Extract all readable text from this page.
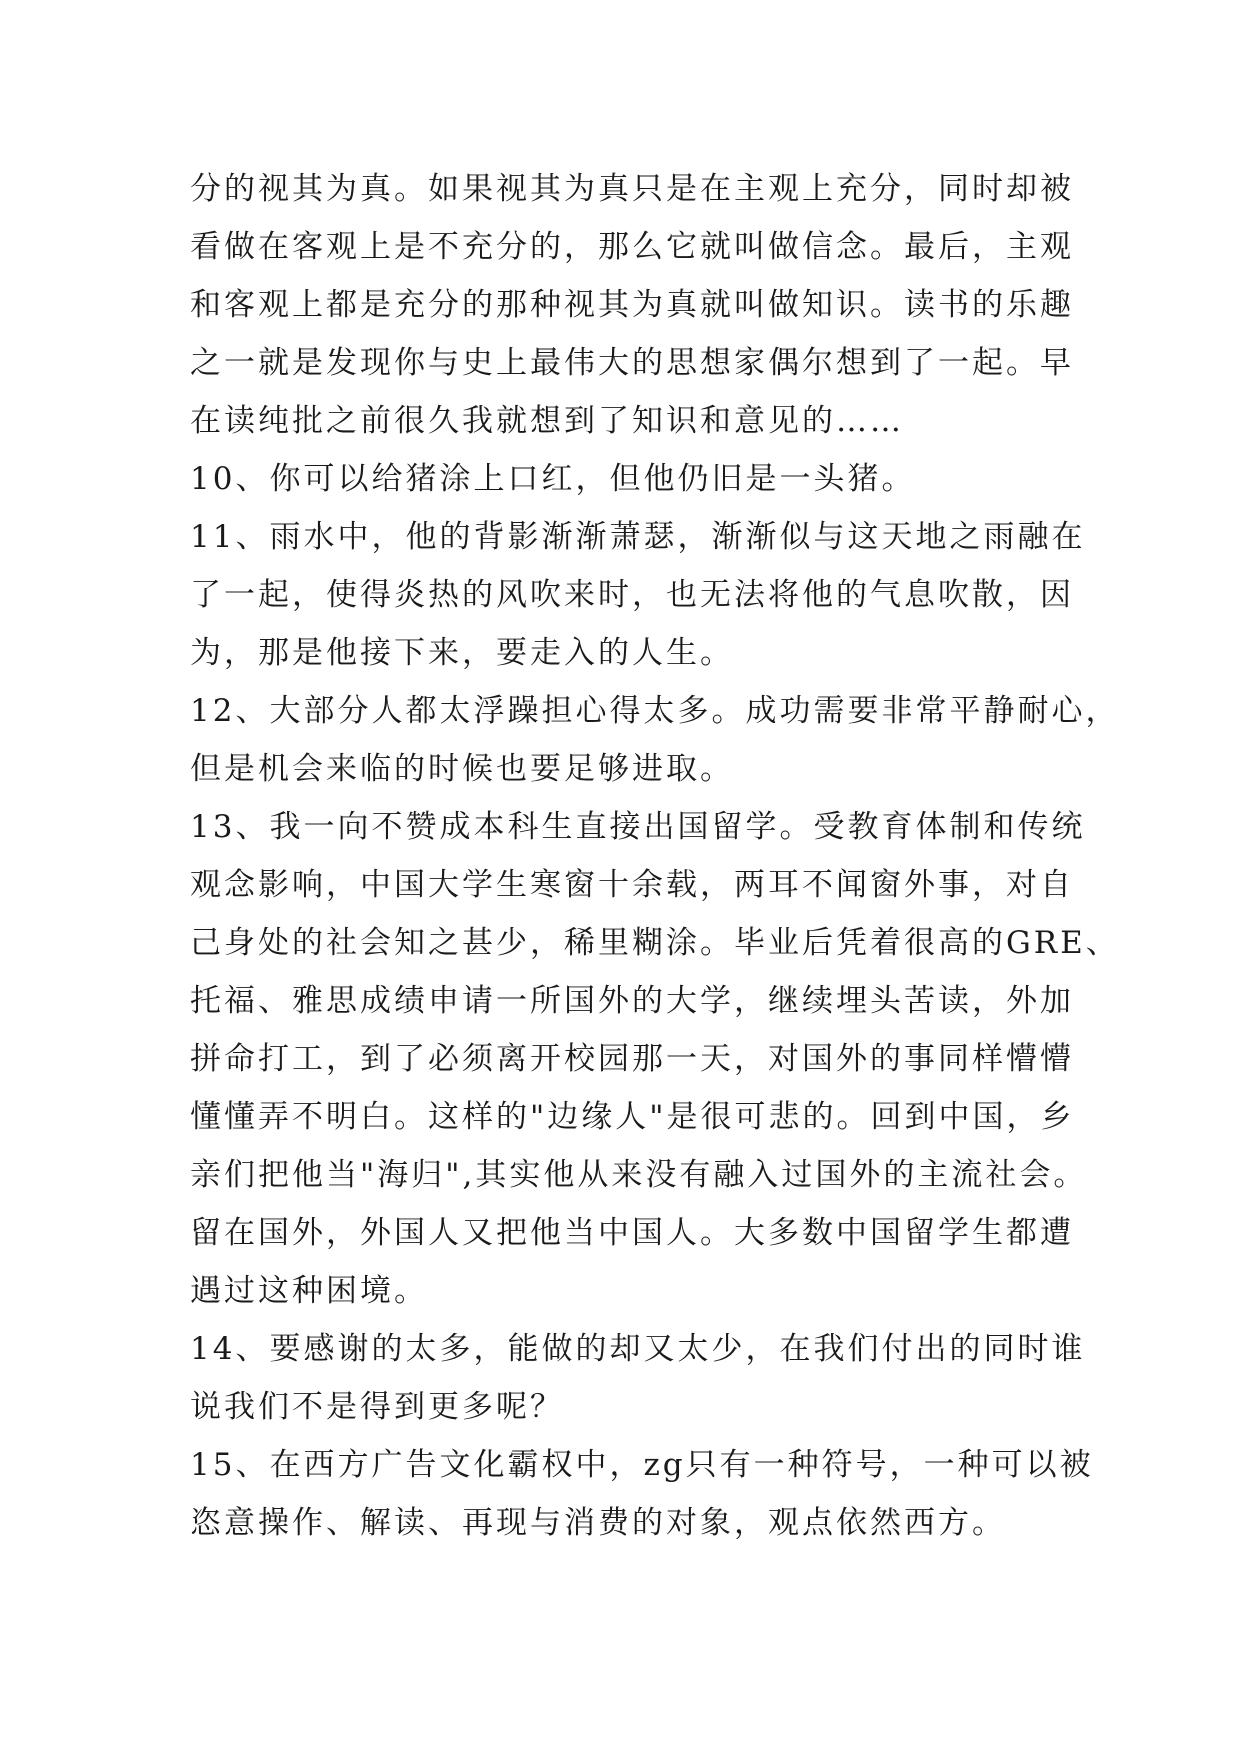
分的视其为真。如果视其为真只是在主观上充分，同时却被
看做在客观上是不充分的，那么它就叫做信念。最后，主观
和客观上都是充分的那种视其为真就叫做知识。读书的乐趣
之一就是发现你与史上最伟大的思想家偶尔想到了一起。早
在读纯批之前很久我就想到了知识和意见的……
10、你可以给猪涂上口红，但他仍旧是一头猪。
11、雨水中，他的背影渐渐萧瑟，渐渐似与这天地之雨融在
了一起，使得炎热的风吹来时，也无法将他的气息吹散，因
为，那是他接下来，要走入的人生。
12、大部分人都太浮躁担心得太多。成功需要非常平静耐心，
但是机会来临的时候也要足够进取。
13、我一向不赞成本科生直接出国留学。受教育体制和传统
观念影响，中国大学生寒窗十余载，两耳不闻窗外事，对自
己身处的社会知之甚少，稀里糊涂。毕业后凭着很高的GRE、
托福、雅思成绩申请一所国外的大学，继续埋头苦读，外加
拼命打工，到了必须离开校园那一天，对国外的事同样懵懵
懂懂弄不明白。这样的"边缘人"是很可悲的。回到中国，乡
亲们把他当"海归",其实他从来没有融入过国外的主流社会。
留在国外，外国人又把他当中国人。大多数中国留学生都遭
遇过这种困境。
14、要感谢的太多，能做的却又太少，在我们付出的同时谁
说我们不是得到更多呢？
15、在西方广告文化霸权中，zg只有一种符号，一种可以被
恣意操作、解读、再现与消费的对象，观点依然西方。
